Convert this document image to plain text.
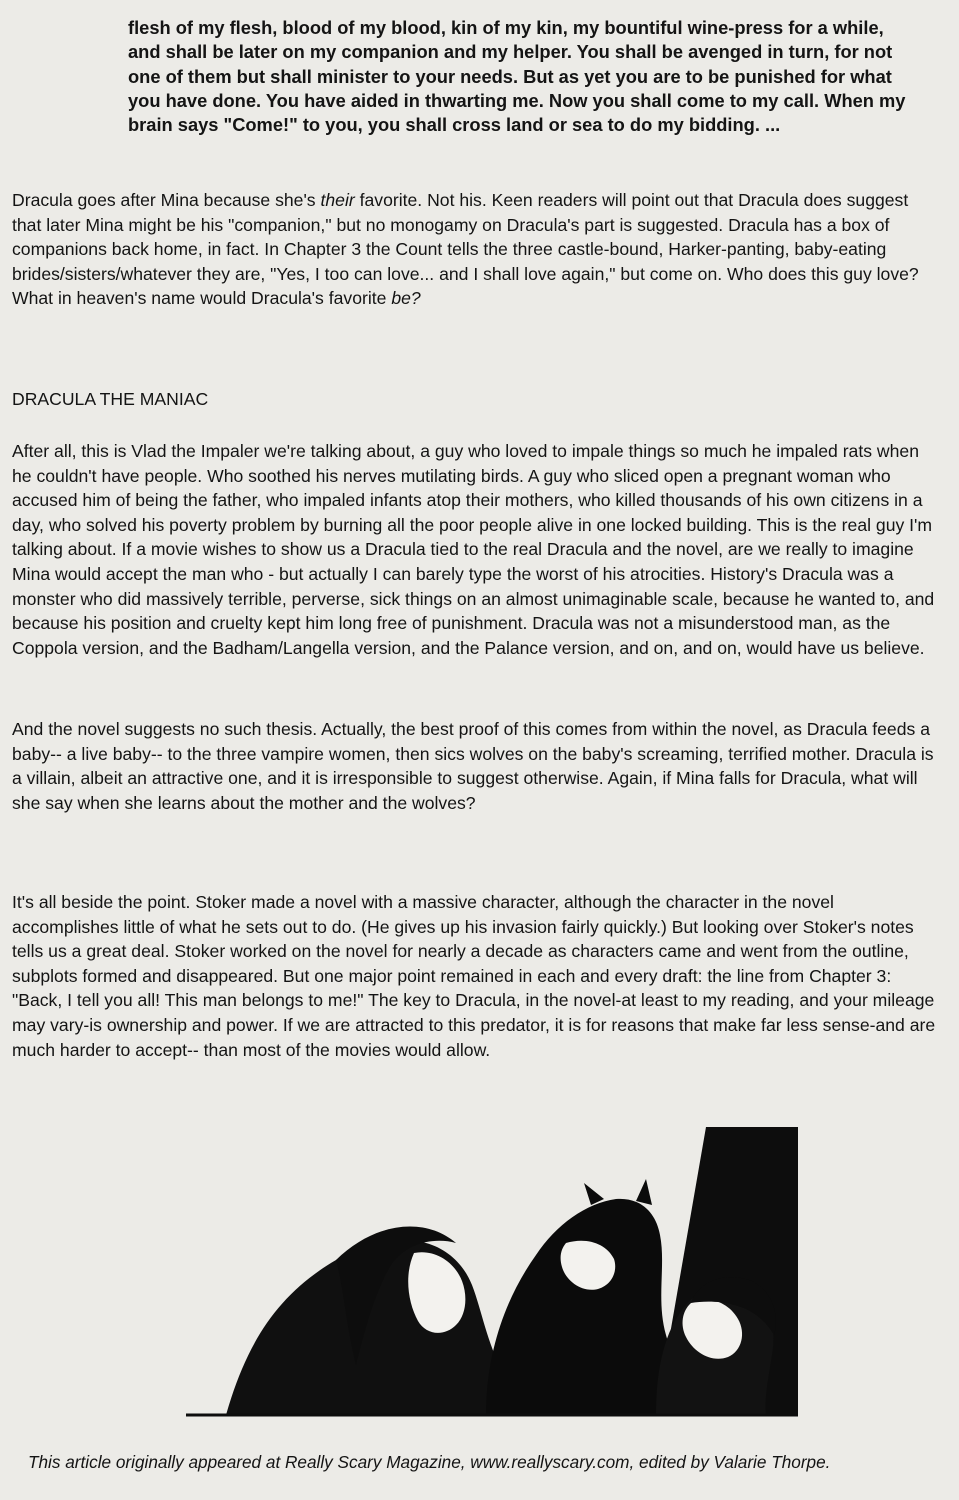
flesh of my flesh, blood of my blood, kin of my kin, my bountiful wine-press for a while, and shall be later on my companion and my helper. You shall be avenged in turn, for not one of them but shall minister to your needs. But as yet you are to be punished for what you have done. You have aided in thwarting me. Now you shall come to my call. When my brain says "Come!" to you, you shall cross land or sea to do my bidding. ...

Dracula goes after Mina because she's their favorite. Not his. Keen readers will point out that Dracula does suggest that later Mina might be his "companion," but no monogamy on Dracula's part is suggested. Dracula has a box of companions back home, in fact. In Chapter 3 the Count tells the three castle-bound, Harker-panting, baby-eating brides/sisters/whatever they are, "Yes, I too can love... and I shall love again," but come on. Who does this guy love? What in heaven's name would Dracula's favorite be?

DRACULA THE MANIAC

After all, this is Vlad the Impaler we're talking about, a guy who loved to impale things so much he impaled rats when he couldn't have people. Who soothed his nerves mutilating birds. A guy who sliced open a pregnant woman who accused him of being the father, who impaled infants atop their mothers, who killed thousands of his own citizens in a day, who solved his poverty problem by burning all the poor people alive in one locked building. This is the real guy I'm talking about. If a movie wishes to show us a Dracula tied to the real Dracula and the novel, are we really to imagine Mina would accept the man who - but actually I can barely type the worst of his atrocities. History's Dracula was a monster who did massively terrible, perverse, sick things on an almost unimaginable scale, because he wanted to, and because his position and cruelty kept him long free of punishment. Dracula was not a misunderstood man, as the Coppola version, and the Badham/Langella version, and the Palance version, and on, and on, would have us believe.

And the novel suggests no such thesis. Actually, the best proof of this comes from within the novel, as Dracula feeds a baby-- a live baby-- to the three vampire women, then sics wolves on the baby's screaming, terrified mother. Dracula is a villain, albeit an attractive one, and it is irresponsible to suggest otherwise. Again, if Mina falls for Dracula, what will she say when she learns about the mother and the wolves?

It's all beside the point. Stoker made a novel with a massive character, although the character in the novel accomplishes little of what he sets out to do. (He gives up his invasion fairly quickly.) But looking over Stoker's notes tells us a great deal. Stoker worked on the novel for nearly a decade as characters came and went from the outline, subplots formed and disappeared. But one major point remained in each and every draft: the line from Chapter 3: "Back, I tell you all! This man belongs to me!" The key to Dracula, in the novel-at least to my reading, and your mileage may vary-is ownership and power. If we are attracted to this predator, it is for reasons that make far less sense-and are much harder to accept-- than most of the movies would allow.

This article originally appeared at Really Scary Magazine, www.reallyscary.com, edited by Valarie Thorpe.
